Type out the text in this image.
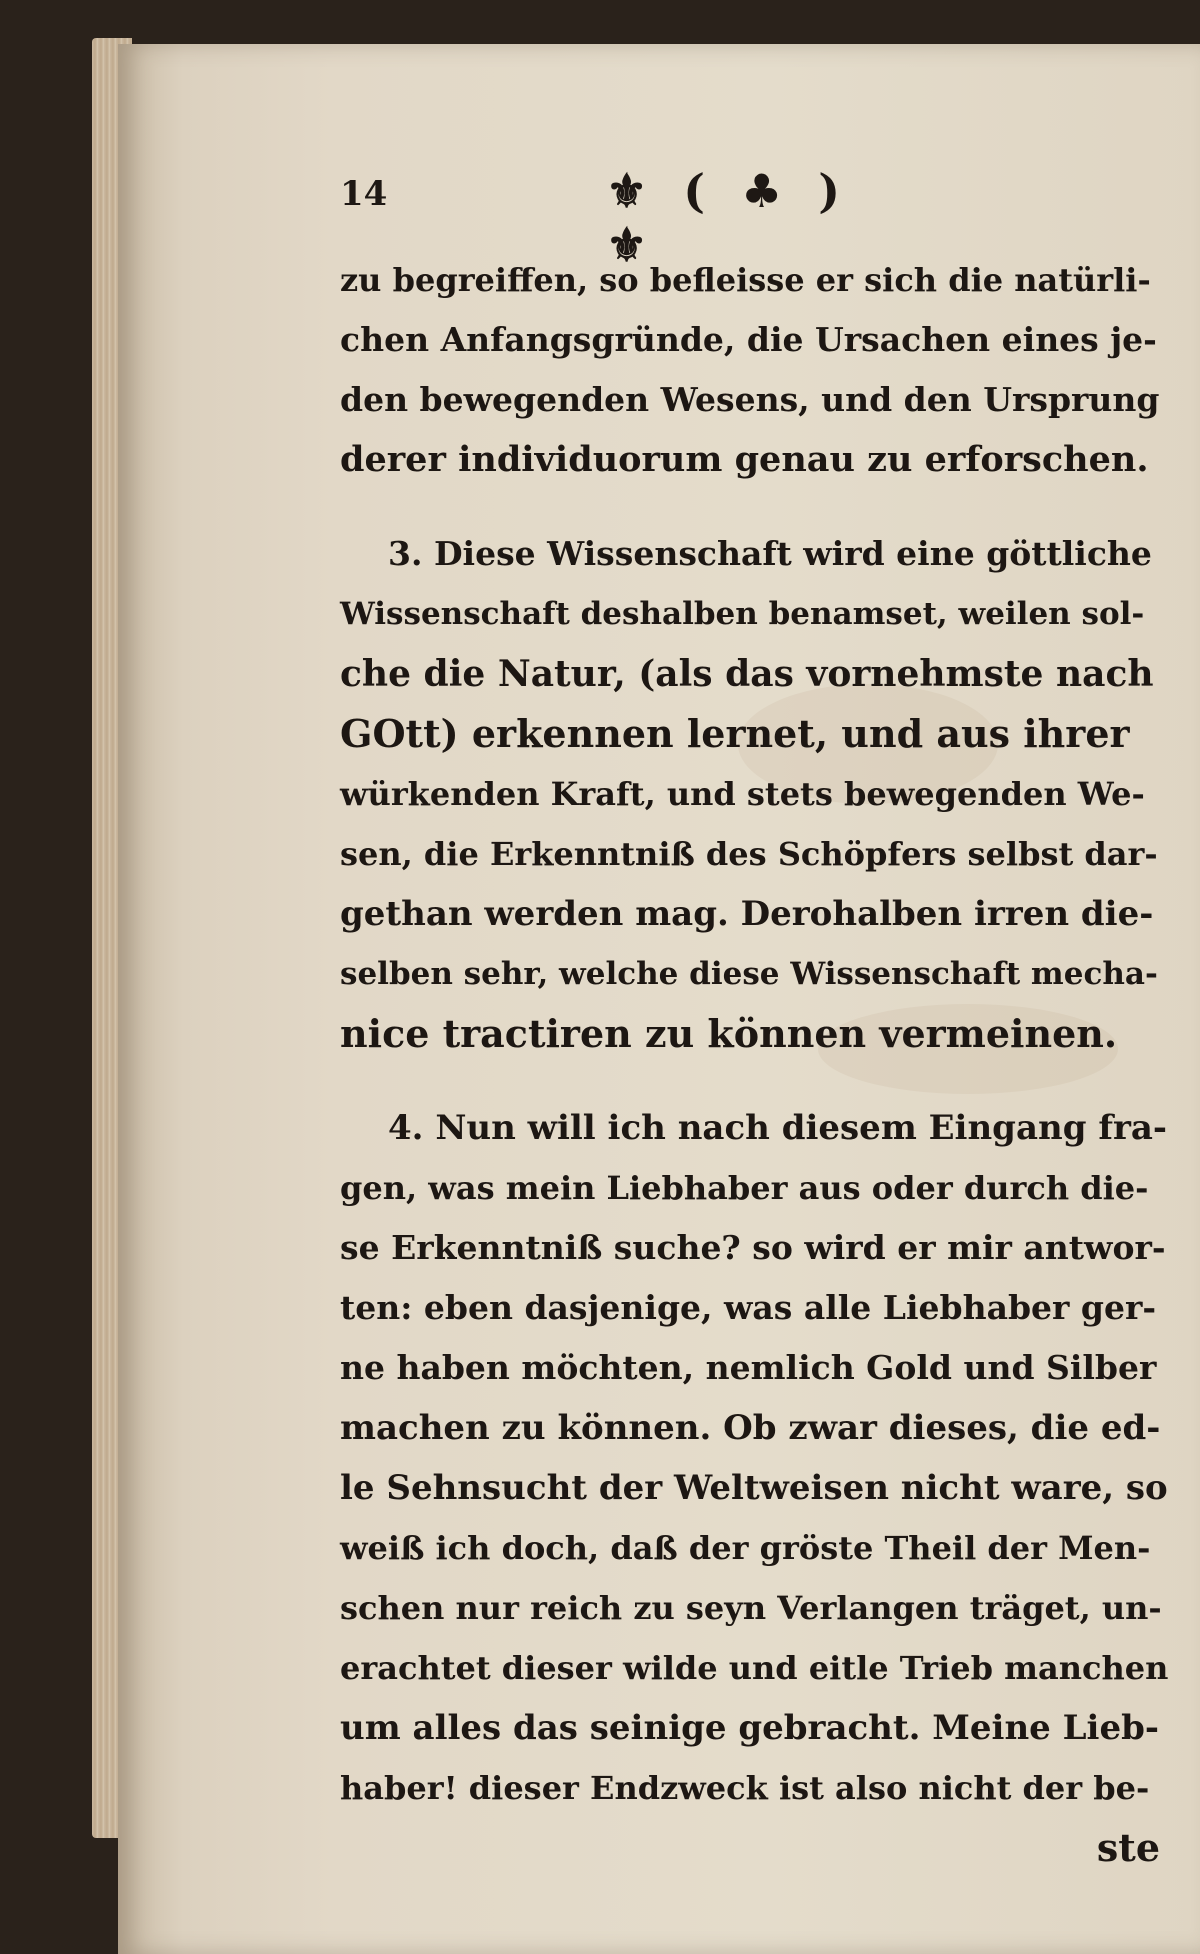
14	⚜ ( ♣ ) ⚜
zu begreiffen, so befleisse er sich die natürli-
chen Anfangsgründe, die Ursachen eines je-
den bewegenden Wesens, und den Ursprung
derer individuorum genau zu erforschen.
3. Diese Wissenschaft wird eine göttliche
Wissenschaft deshalben benamset, weilen sol-
che die Natur, (als das vornehmste nach
GOtt) erkennen lernet, und aus ihrer
würkenden Kraft, und stets bewegenden We-
sen, die Erkenntniß des Schöpfers selbst dar-
gethan werden mag. Derohalben irren die-
selben sehr, welche diese Wissenschaft mecha-
nice tractiren zu können vermeinen.
4. Nun will ich nach diesem Eingang fra-
gen, was mein Liebhaber aus oder durch die-
se Erkenntniß suche? so wird er mir antwor-
ten: eben dasjenige, was alle Liebhaber ger-
ne haben möchten, nemlich Gold und Silber
machen zu können. Ob zwar dieses, die ed-
le Sehnsucht der Weltweisen nicht ware, so
weiß ich doch, daß der gröste Theil der Men-
schen nur reich zu seyn Verlangen träget, un-
erachtet dieser wilde und eitle Trieb manchen
um alles das seinige gebracht. Meine Lieb-
haber! dieser Endzweck ist also nicht der be-
ste
